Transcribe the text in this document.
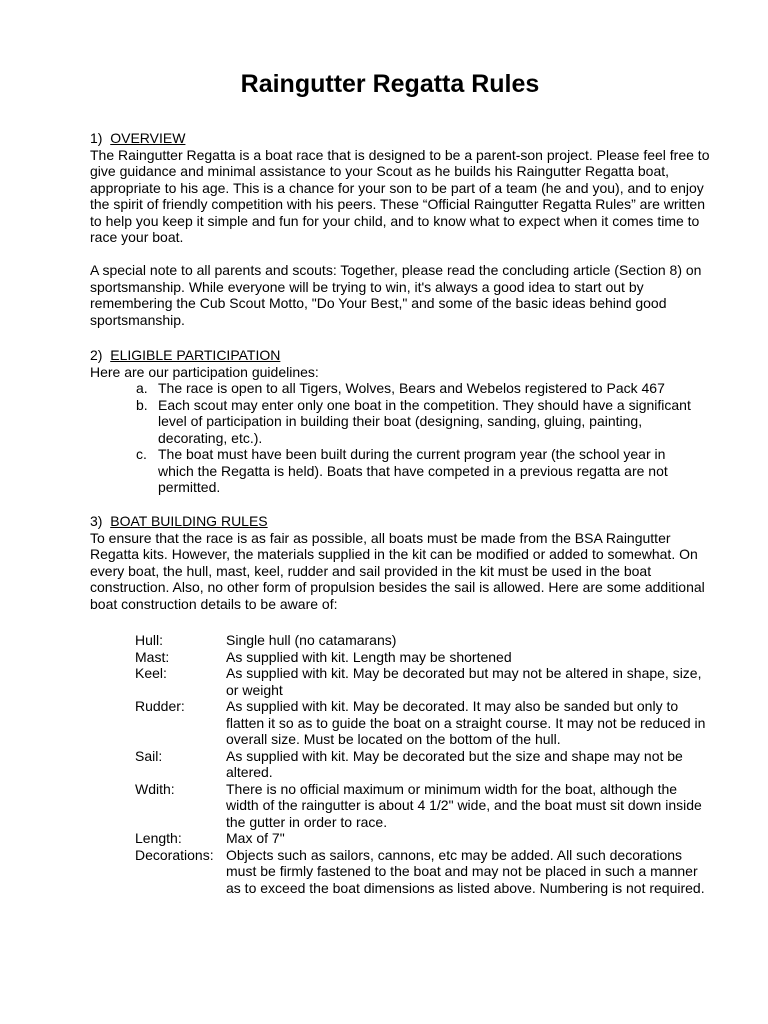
Raingutter Regatta Rules

1) OVERVIEW

The Raingutter Regatta is a boat race that is designed to be a parent-son project. Please feel free to give guidance and minimal assistance to your Scout as he builds his Raingutter Regatta boat, appropriate to his age. This is a chance for your son to be part of a team (he and you), and to enjoy the spirit of friendly competition with his peers. These “Official Raingutter Regatta Rules” are written to help you keep it simple and fun for your child, and to know what to expect when it comes time to race your boat.

A special note to all parents and scouts: Together, please read the concluding article (Section 8) on sportsmanship. While everyone will be trying to win, it's always a good idea to start out by remembering the Cub Scout Motto, "Do Your Best," and some of the basic ideas behind good sportsmanship.

2) ELIGIBLE PARTICIPATION

Here are our participation guidelines:

a. The race is open to all Tigers, Wolves, Bears and Webelos registered to Pack 467
b. Each scout may enter only one boat in the competition. They should have a significant level of participation in building their boat (designing, sanding, gluing, painting, decorating, etc.).
c. The boat must have been built during the current program year (the school year in which the Regatta is held). Boats that have competed in a previous regatta are not permitted.

3) BOAT BUILDING RULES

To ensure that the race is as fair as possible, all boats must be made from the BSA Raingutter Regatta kits. However, the materials supplied in the kit can be modified or added to somewhat. On every boat, the hull, mast, keel, rudder and sail provided in the kit must be used in the boat construction. Also, no other form of propulsion besides the sail is allowed. Here are some additional boat construction details to be aware of:

Hull:	Single hull (no catamarans)
Mast:	As supplied with kit. Length may be shortened
Keel:	As supplied with kit. May be decorated but may not be altered in shape, size, or weight
Rudder:	As supplied with kit. May be decorated. It may also be sanded but only to flatten it so as to guide the boat on a straight course. It may not be reduced in overall size. Must be located on the bottom of the hull.
Sail:	As supplied with kit. May be decorated but the size and shape may not be altered.
Wdith:	There is no official maximum or minimum width for the boat, although the width of the raingutter is about 4 1/2" wide, and the boat must sit down inside the gutter in order to race.
Length:	Max of 7"
Decorations:	Objects such as sailors, cannons, etc may be added. All such decorations must be firmly fastened to the boat and may not be placed in such a manner as to exceed the boat dimensions as listed above. Numbering is not required.
